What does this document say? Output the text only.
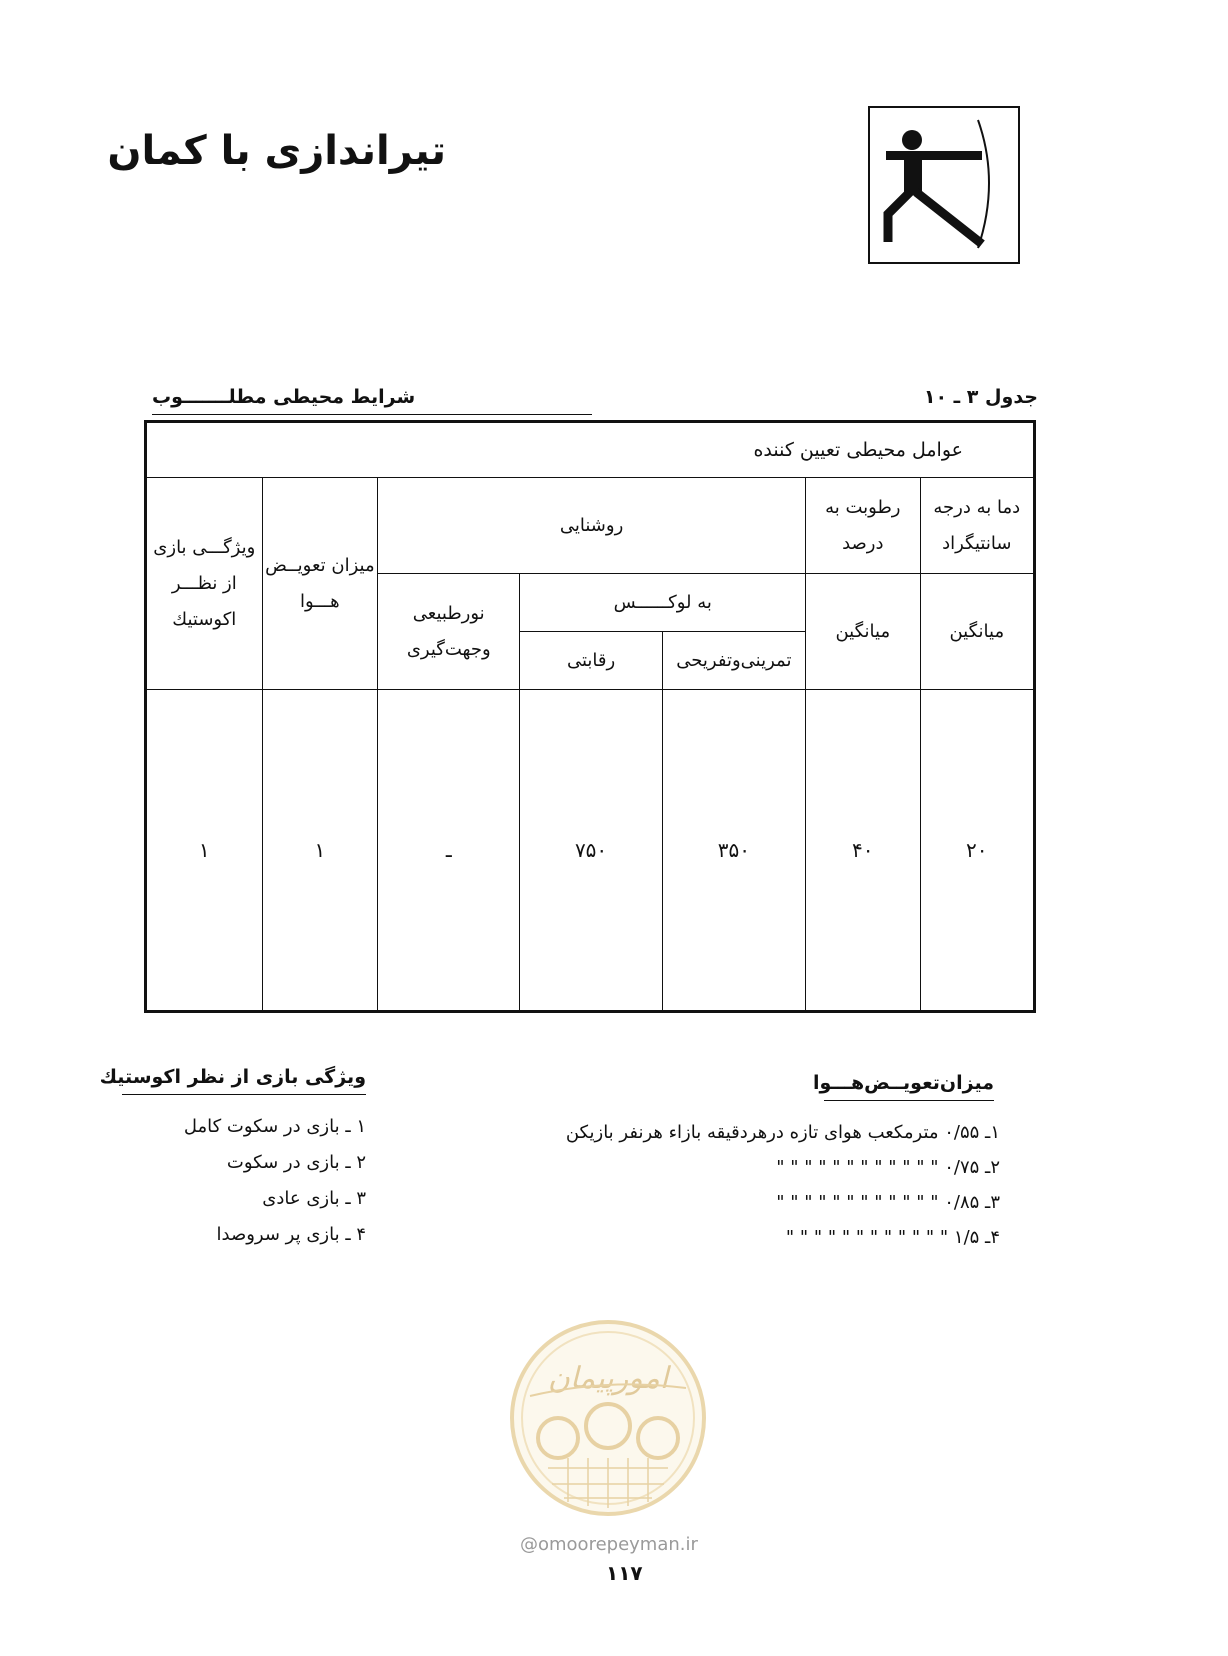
تیراندازی با کمان
شرایط محیطی مطلـــــــوب	جدول ۳ ـ ۱۰
عوامل محیطی تعیین کننده						
دما به درجه سانتیگراد	رطوبت به درصد	روشنایی			میزان تعویــض هـــوا	ویژگـــی بازی از نظـــر اکوستیك
میانگین	میانگین	به لوکــــــس		نورطبیعی وجهت‌گیری		
		تمرینی‌وتفریحی	رقابتی			
۲۰	۴۰	۳۵۰	۷۵۰	ـ	۱	۱
میزان‌تعویــض‌هـــوا
۱ـ ۰/۵۵ مترمکعب هوای تازه درهردقیقه بازاء هرنفر بازیکن
۲ـ ۰/۷۵ " " " " " " " " " " " "
۳ـ ۰/۸۵ " " " " " " " " " " " "
۴ـ ۱/۵ " " " " " " " " " " " "
ویژگی بازی از نظر اکوستیك
۱ ـ بازی در سکوت کامل
۲ ـ بازی در سکوت
۳ ـ بازی عادی
۴ ـ بازی پر سروصدا
امورپیمان
@omoorepeyman.ir
۱۱۷
